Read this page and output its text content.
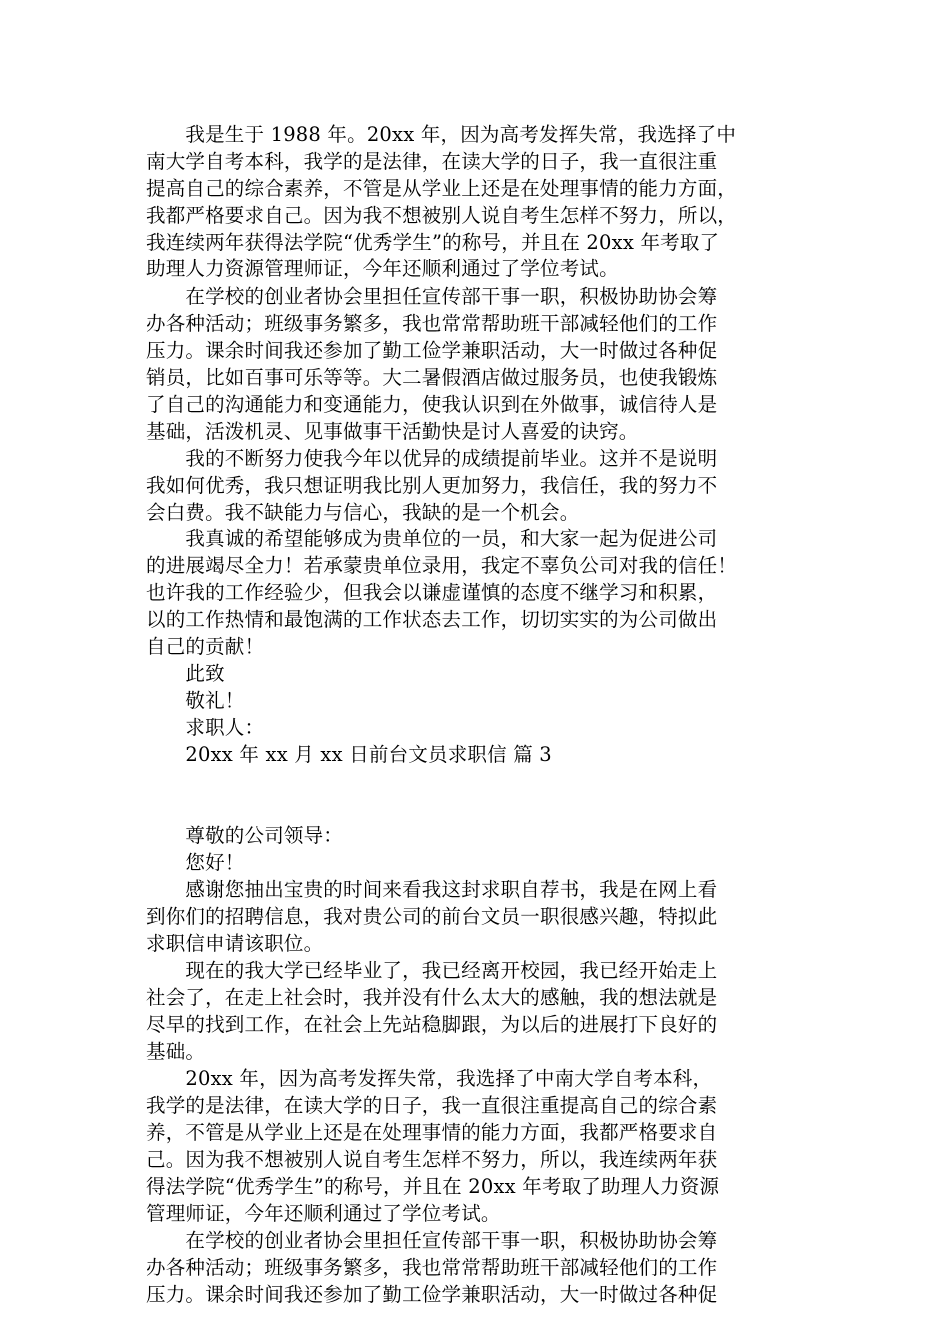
　　我是生于 1988 年。20xx 年，因为高考发挥失常，我选择了中
南大学自考本科，我学的是法律，在读大学的日子，我一直很注重
提高自己的综合素养，不管是从学业上还是在处理事情的能力方面，
我都严格要求自己。因为我不想被别人说自考生怎样不努力，所以，
我连续两年获得法学院“优秀学生”的称号，并且在 20xx 年考取了
助理人力资源管理师证，今年还顺利通过了学位考试。
　　在学校的创业者协会里担任宣传部干事一职，积极协助协会筹
办各种活动；班级事务繁多，我也常常帮助班干部减轻他们的工作
压力。课余时间我还参加了勤工俭学兼职活动，大一时做过各种促
销员，比如百事可乐等等。大二暑假酒店做过服务员，也使我锻炼
了自己的沟通能力和变通能力，使我认识到在外做事，诚信待人是
基础，活泼机灵、见事做事干活勤快是讨人喜爱的诀窍。
　　我的不断努力使我今年以优异的成绩提前毕业。这并不是说明
我如何优秀，我只想证明我比别人更加努力，我信任，我的努力不
会白费。我不缺能力与信心，我缺的是一个机会。
　　我真诚的希望能够成为贵单位的一员，和大家一起为促进公司
的进展竭尽全力！若承蒙贵单位录用，我定不辜负公司对我的信任！
也许我的工作经验少，但我会以谦虚谨慎的态度不继学习和积累，
以的工作热情和最饱满的工作状态去工作，切切实实的为公司做出
自己的贡献！
　　此致
　　敬礼！
　　求职人：
　　20xx 年 xx 月 xx 日前台文员求职信 篇 3
　　尊敬的公司领导：
　　您好！
　　感谢您抽出宝贵的时间来看我这封求职自荐书，我是在网上看
到你们的招聘信息，我对贵公司的前台文员一职很感兴趣，特拟此
求职信申请该职位。
　　现在的我大学已经毕业了，我已经离开校园，我已经开始走上
社会了，在走上社会时，我并没有什么太大的感触，我的想法就是
尽早的找到工作，在社会上先站稳脚跟，为以后的进展打下良好的
基础。
　　20xx 年，因为高考发挥失常，我选择了中南大学自考本科，
我学的是法律，在读大学的日子，我一直很注重提高自己的综合素
养，不管是从学业上还是在处理事情的能力方面，我都严格要求自
己。因为我不想被别人说自考生怎样不努力，所以，我连续两年获
得法学院“优秀学生”的称号，并且在 20xx 年考取了助理人力资源
管理师证，今年还顺利通过了学位考试。
　　在学校的创业者协会里担任宣传部干事一职，积极协助协会筹
办各种活动；班级事务繁多，我也常常帮助班干部减轻他们的工作
压力。课余时间我还参加了勤工俭学兼职活动，大一时做过各种促
